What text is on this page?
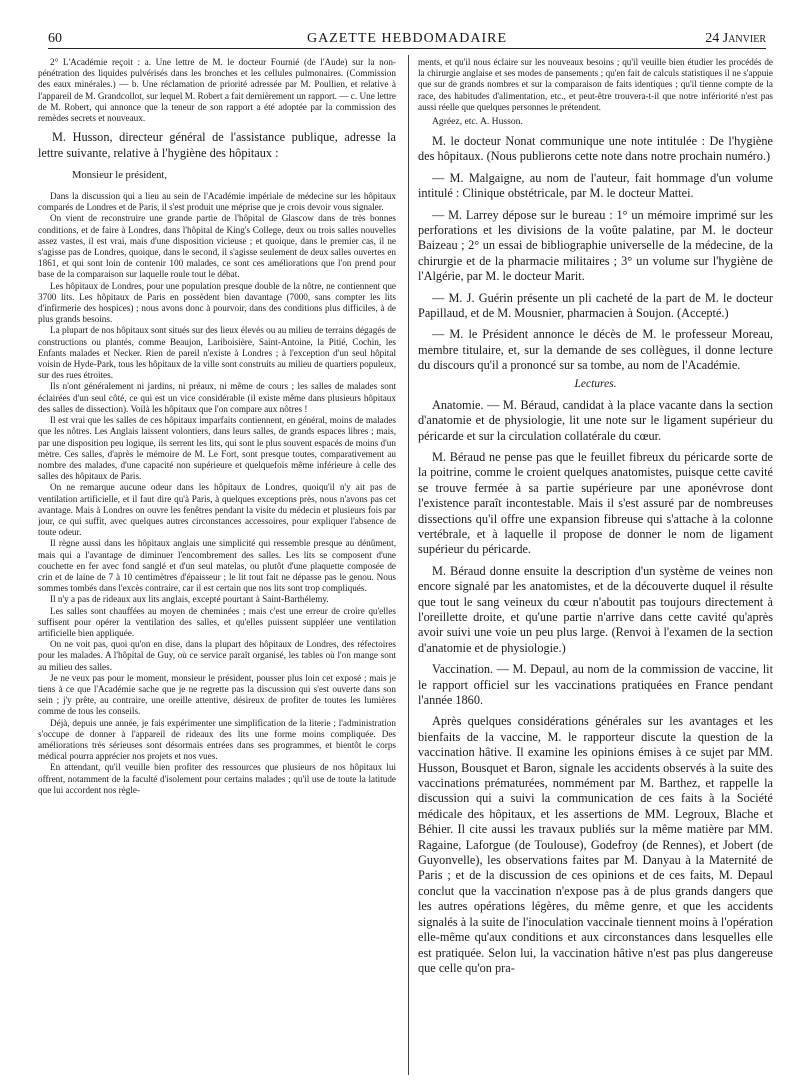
GAZETTE HEBDOMADAIRE
60	24 Janvier

2° L'Académie reçoit : a. Une lettre de M. le docteur Fournié (de l'Aude) sur la non-pénétration des liquides pulvérisés dans les bronches et les cellules pulmonaires. (Commission des eaux minérales.) — b. Une réclamation de priorité adressée par M. Poullien, et relative à l'appareil de M. Grandcollot, sur lequel M. Robert a fait dernièrement un rapport. — c. Une lettre de M. Robert, qui annonce que la teneur de son rapport a été adoptée par la commission des remèdes secrets et nouveaux.

M. Husson, directeur général de l'assistance publique, adresse la lettre suivante, relative à l'hygiène des hôpitaux :

Monsieur le président,

Dans la discussion qui a lieu au sein de l'Académie impériale de médecine sur les hôpitaux comparés de Londres et de Paris, il s'est produit une méprise que je crois devoir vous signaler.

On vient de reconstruire une grande partie de l'hôpital de Glascow dans de très bonnes conditions, et de faire à Londres, dans l'hôpital de King's College, deux ou trois salles nouvelles assez vastes, il est vrai, mais d'une disposition vicieuse ; et quoique, dans le premier cas, il ne s'agisse pas de Londres, quoique, dans le second, il s'agisse seulement de deux salles ouvertes en 1861, et qui sont loin de contenir 100 malades, ce sont ces améliorations que l'on prend pour base de la comparaison sur laquelle roule tout le débat.

Les hôpitaux de Londres, pour une population presque double de la nôtre, ne contiennent que 3700 lits. Les hôpitaux de Paris en possèdent bien davantage (7000, sans compter les lits d'infirmerie des hospices) ; nous avons donc à pourvoir, dans des conditions plus difficiles, à de plus grands besoins.

La plupart de nos hôpitaux sont situés sur des lieux élevés ou au milieu de terrains dégagés de constructions ou plantés, comme Beaujon, Lariboisière, Saint-Antoine, la Pitié, Cochin, les Enfants malades et Necker. Rien de pareil n'existe à Londres ; à l'exception d'un seul hôpital voisin de Hyde-Park, tous les hôpitaux de la ville sont construits au milieu de quartiers populeux, sur des rues étroites.

Ils n'ont généralement ni jardins, ni préaux, ni même de cours ; les salles de malades sont éclairées d'un seul côté, ce qui est un vice considérable (il existe même dans plusieurs hôpitaux des salles de dissection). Voilà les hôpitaux que l'on compare aux nôtres !

Il est vrai que les salles de ces hôpitaux imparfaits contiennent, en général, moins de malades que les nôtres. Les Anglais laissent volontiers, dans leurs salles, de grands espaces libres ; mais, par une disposition peu logique, ils serrent les lits, qui sont le plus souvent espacés de moins d'un mètre. Ces salles, d'après le mémoire de M. Le Fort, sont presque toutes, comparativement au nombre des malades, d'une capacité non supérieure et quelquefois même inférieure à celle des salles des hôpitaux de Paris.

On ne remarque aucune odeur dans les hôpitaux de Londres, quoiqu'il n'y ait pas de ventilation artificielle, et il faut dire qu'à Paris, à quelques exceptions près, nous n'avons pas cet avantage. Mais à Londres on ouvre les fenêtres pendant la visite du médecin et plusieurs fois par jour, ce qui suffit, avec quelques autres circonstances accessoires, pour expliquer l'absence de toute odeur.

Il règne aussi dans les hôpitaux anglais une simplicité qui ressemble presque au dénûment, mais qui a l'avantage de diminuer l'encombrement des salles. Les lits se composent d'une couchette en fer avec fond sanglé et d'un seul matelas, ou plutôt d'une plaquette composée de crin et de laine de 7 à 10 centimètres d'épaisseur ; le lit tout fait ne dépasse pas le genou. Nous sommes tombés dans l'excès contraire, car il est certain que nos lits sont trop compliqués.

Il n'y a pas de rideaux aux lits anglais, excepté pourtant à Saint-Barthélemy.

Les salles sont chauffées au moyen de cheminées ; mais c'est une erreur de croire qu'elles suffisent pour opérer la ventilation des salles, et qu'elles puissent suppléer une ventilation artificielle bien appliquée.

On ne voit pas, quoi qu'on en dise, dans la plupart des hôpitaux de Londres, des réfectoires pour les malades. A l'hôpital de Guy, où ce service paraît organisé, les tables où l'on mange sont au milieu des salles.

Je ne veux pas pour le moment, monsieur le président, pousser plus loin cet exposé ; mais je tiens à ce que l'Académie sache que je ne regrette pas la discussion qui s'est ouverte dans son sein ; j'y prête, au contraire, une oreille attentive, désireux de profiter de toutes les lumières comme de tous les conseils.

Déjà, depuis une année, je fais expérimenter une simplification de la literie ; l'administration s'occupe de donner à l'appareil de rideaux des lits une forme moins compliquée. Des améliorations très sérieuses sont désormais entrées dans ses programmes, et bientôt le corps médical pourra apprécier nos projets et nos vues.

En attendant, qu'il veuille bien profiter des ressources que plusieurs de nos hôpitaux lui offrent, notamment de la faculté d'isolement pour certains malades ; qu'il use de toute la latitude que lui accordent nos règle-

ments, et qu'il nous éclaire sur les nouveaux besoins ; qu'il veuille bien étudier les procédés de la chirurgie anglaise et ses modes de pansements ; qu'en fait de calculs statistiques il ne s'appuie que sur de grands nombres et sur la comparaison de faits identiques ; qu'il tienne compte de la race, des habitudes d'alimentation, etc., et peut-être trouvera-t-il que notre infériorité n'est pas aussi réelle que quelques personnes le prétendent.

Agréez, etc. A. Husson.

M. le docteur Nonat communique une note intitulée : De l'hygiène des hôpitaux. (Nous publierons cette note dans notre prochain numéro.)

— M. Malgaigne, au nom de l'auteur, fait hommage d'un volume intitulé : Clinique obstétricale, par M. le docteur Mattei.

— M. Larrey dépose sur le bureau : 1° un mémoire imprimé sur les perforations et les divisions de la voûte palatine, par M. le docteur Baizeau ; 2° un essai de bibliographie universelle de la médecine, de la chirurgie et de la pharmacie militaires ; 3° un volume sur l'hygiène de l'Algérie, par M. le docteur Marit.

— M. J. Guérin présente un pli cacheté de la part de M. le docteur Papillaud, et de M. Mousnier, pharmacien à Soujon. (Accepté.)

— M. le Président annonce le décès de M. le professeur Moreau, membre titulaire, et, sur la demande de ses collègues, il donne lecture du discours qu'il a prononcé sur sa tombe, au nom de l'Académie.

Lectures.

Anatomie. — M. Béraud, candidat à la place vacante dans la section d'anatomie et de physiologie, lit une note sur le ligament supérieur du péricarde et sur la circulation collatérale du cœur.

M. Béraud ne pense pas que le feuillet fibreux du péricarde sorte de la poitrine, comme le croient quelques anatomistes, puisque cette cavité se trouve fermée à sa partie supérieure par une aponévrose dont l'existence paraît incontestable. Mais il s'est assuré par de nombreuses dissections qu'il offre une expansion fibreuse qui s'attache à la colonne vertébrale, et à laquelle il propose de donner le nom de ligament supérieur du péricarde.

M. Béraud donne ensuite la description d'un système de veines non encore signalé par les anatomistes, et de la découverte duquel il résulte que tout le sang veineux du cœur n'aboutit pas toujours directement à l'oreillette droite, et qu'une partie n'arrive dans cette cavité qu'après avoir suivi une voie un peu plus large. (Renvoi à l'examen de la section d'anatomie et de physiologie.)

Vaccination. — M. Depaul, au nom de la commission de vaccine, lit le rapport officiel sur les vaccinations pratiquées en France pendant l'année 1860.

Après quelques considérations générales sur les avantages et les bienfaits de la vaccine, M. le rapporteur discute la question de la vaccination hâtive. Il examine les opinions émises à ce sujet par MM. Husson, Bousquet et Baron, signale les accidents observés à la suite des vaccinations prématurées, nommément par M. Barthez, et rappelle la discussion qui a suivi la communication de ces faits à la Société médicale des hôpitaux, et les assertions de MM. Legroux, Blache et Béhier. Il cite aussi les travaux publiés sur la même matière par MM. Ragaine, Laforgue (de Toulouse), Godefroy (de Rennes), et Jobert (de Guyonvelle), les observations faites par M. Danyau à la Maternité de Paris ; et de la discussion de ces opinions et de ces faits, M. Depaul conclut que la vaccination n'expose pas à de plus grands dangers que les autres opérations légères, du même genre, et que les accidents signalés à la suite de l'inoculation vaccinale tiennent moins à l'opération elle-même qu'aux conditions et aux circonstances dans lesquelles elle est pratiquée. Selon lui, la vaccination hâtive n'est pas plus dangereuse que celle qu'on pra-
